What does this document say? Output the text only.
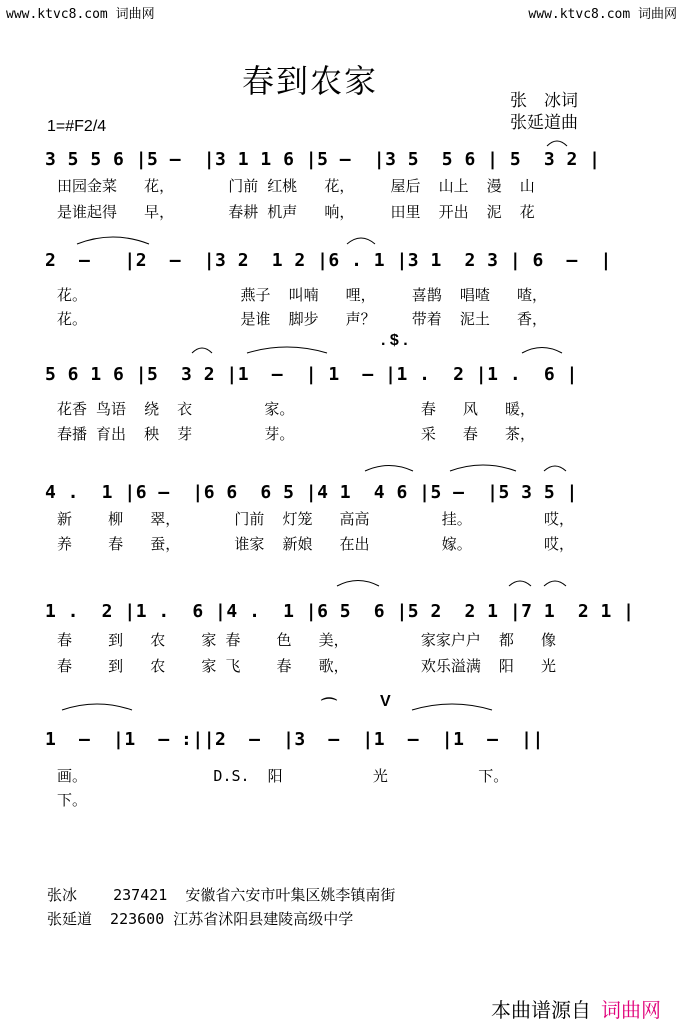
www.ktvc8.com 词曲网	www.ktvc8.com 词曲网
春到农家
张　冰词
张延道曲
1=#F2/4
3 5 5 6 |5 —  |3 1 1 6 |5 —  |3 5  5 6 | 5  3 2 |
田园金菜   花，      门前 红桃   花，    屋后  山上  漫  山
是谁起得   早，      春耕 机声   响，    田里  开出  泥  花
2  —   |2  —  |3 2  1 2 |6 . 1 |3 1  2 3 | 6  —  |
花。                 燕子  叫喃   哩，    喜鹊  唱喳   喳，
花。                 是谁  脚步   声？    带着  泥土   香，
. $ .
5 6 1 6 |5  3 2 |1  —  | 1  — |1 .  2 |1 .  6 |
花香 鸟语  绕  衣        家。              春   风   暖，
春播 育出  秧  芽        芽。              采   春   茶，
4 .  1 |6 —  |6 6  6 5 |4 1  4 6 |5 —  |5 3 5 |
新    柳   翠，      门前  灯笼   高高        挂。        哎，
养    春   蚕，      谁家  新娘   在出        嫁。        哎，
1 .  2 |1 .  6 |4 .  1 |6 5  6 |5 2  2 1 |7 1  2 1 |
春    到   农    家 春    色   美，        家家户户  都   像
春    到   农    家 飞    春   歌，        欢乐溢满  阳   光
⌒	V
1  —  |1  — :||2  —  |3  —  |1  —  |1  —  ||
画。              D.S.  阳          光          下。
下。
张冰    237421  安徽省六安市叶集区姚李镇南街
张延道  223600 江苏省沭阳县建陵高级中学
本曲谱源自 词曲网
